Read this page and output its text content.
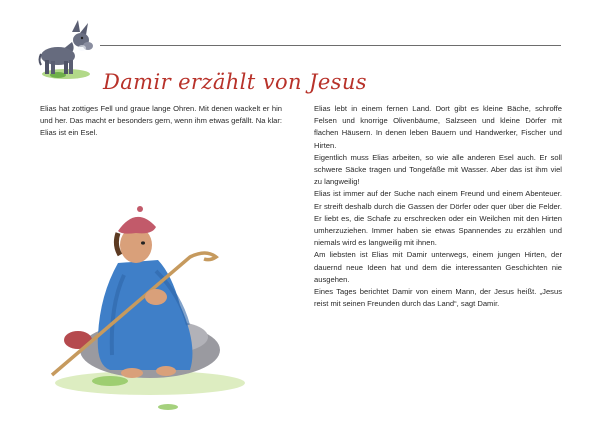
Damir erzählt von Jesus
Elias hat zottiges Fell und graue lange Ohren. Mit denen wackelt er hin und her. Das macht er besonders gern, wenn ihm etwas gefällt. Na klar: Elias ist ein Esel.

Elias lebt in einem fernen Land. Dort gibt es kleine Bäche, schroffe Felsen und knorrige Olivenbäume, Salzseen und kleine Dörfer mit flachen Häusern. In denen leben Bauern und Handwerker, Fischer und Hirten.

Eigentlich muss Elias arbeiten, so wie alle anderen Esel auch. Er soll schwere Säcke tragen und Tongefäße mit Wasser. Aber das ist ihm viel zu langweilig!

Elias ist immer auf der Suche nach einem Freund und einem Abenteuer. Er streift deshalb durch die Gassen der Dörfer oder quer über die Felder. Er liebt es, die Schafe zu erschrecken oder ein Weilchen mit den Hirten umherzuziehen. Immer haben sie etwas Spannendes zu erzählen und niemals wird es langweilig mit ihnen.

Am liebsten ist Elias mit Damir unterwegs, einem jungen Hirten, der dauernd neue Ideen hat und dem die interessanten Geschichten nie ausgehen.

Eines Tages berichtet Damir von einem Mann, der Jesus heißt. „Jesus reist mit seinen Freunden durch das Land“, sagt Damir.
